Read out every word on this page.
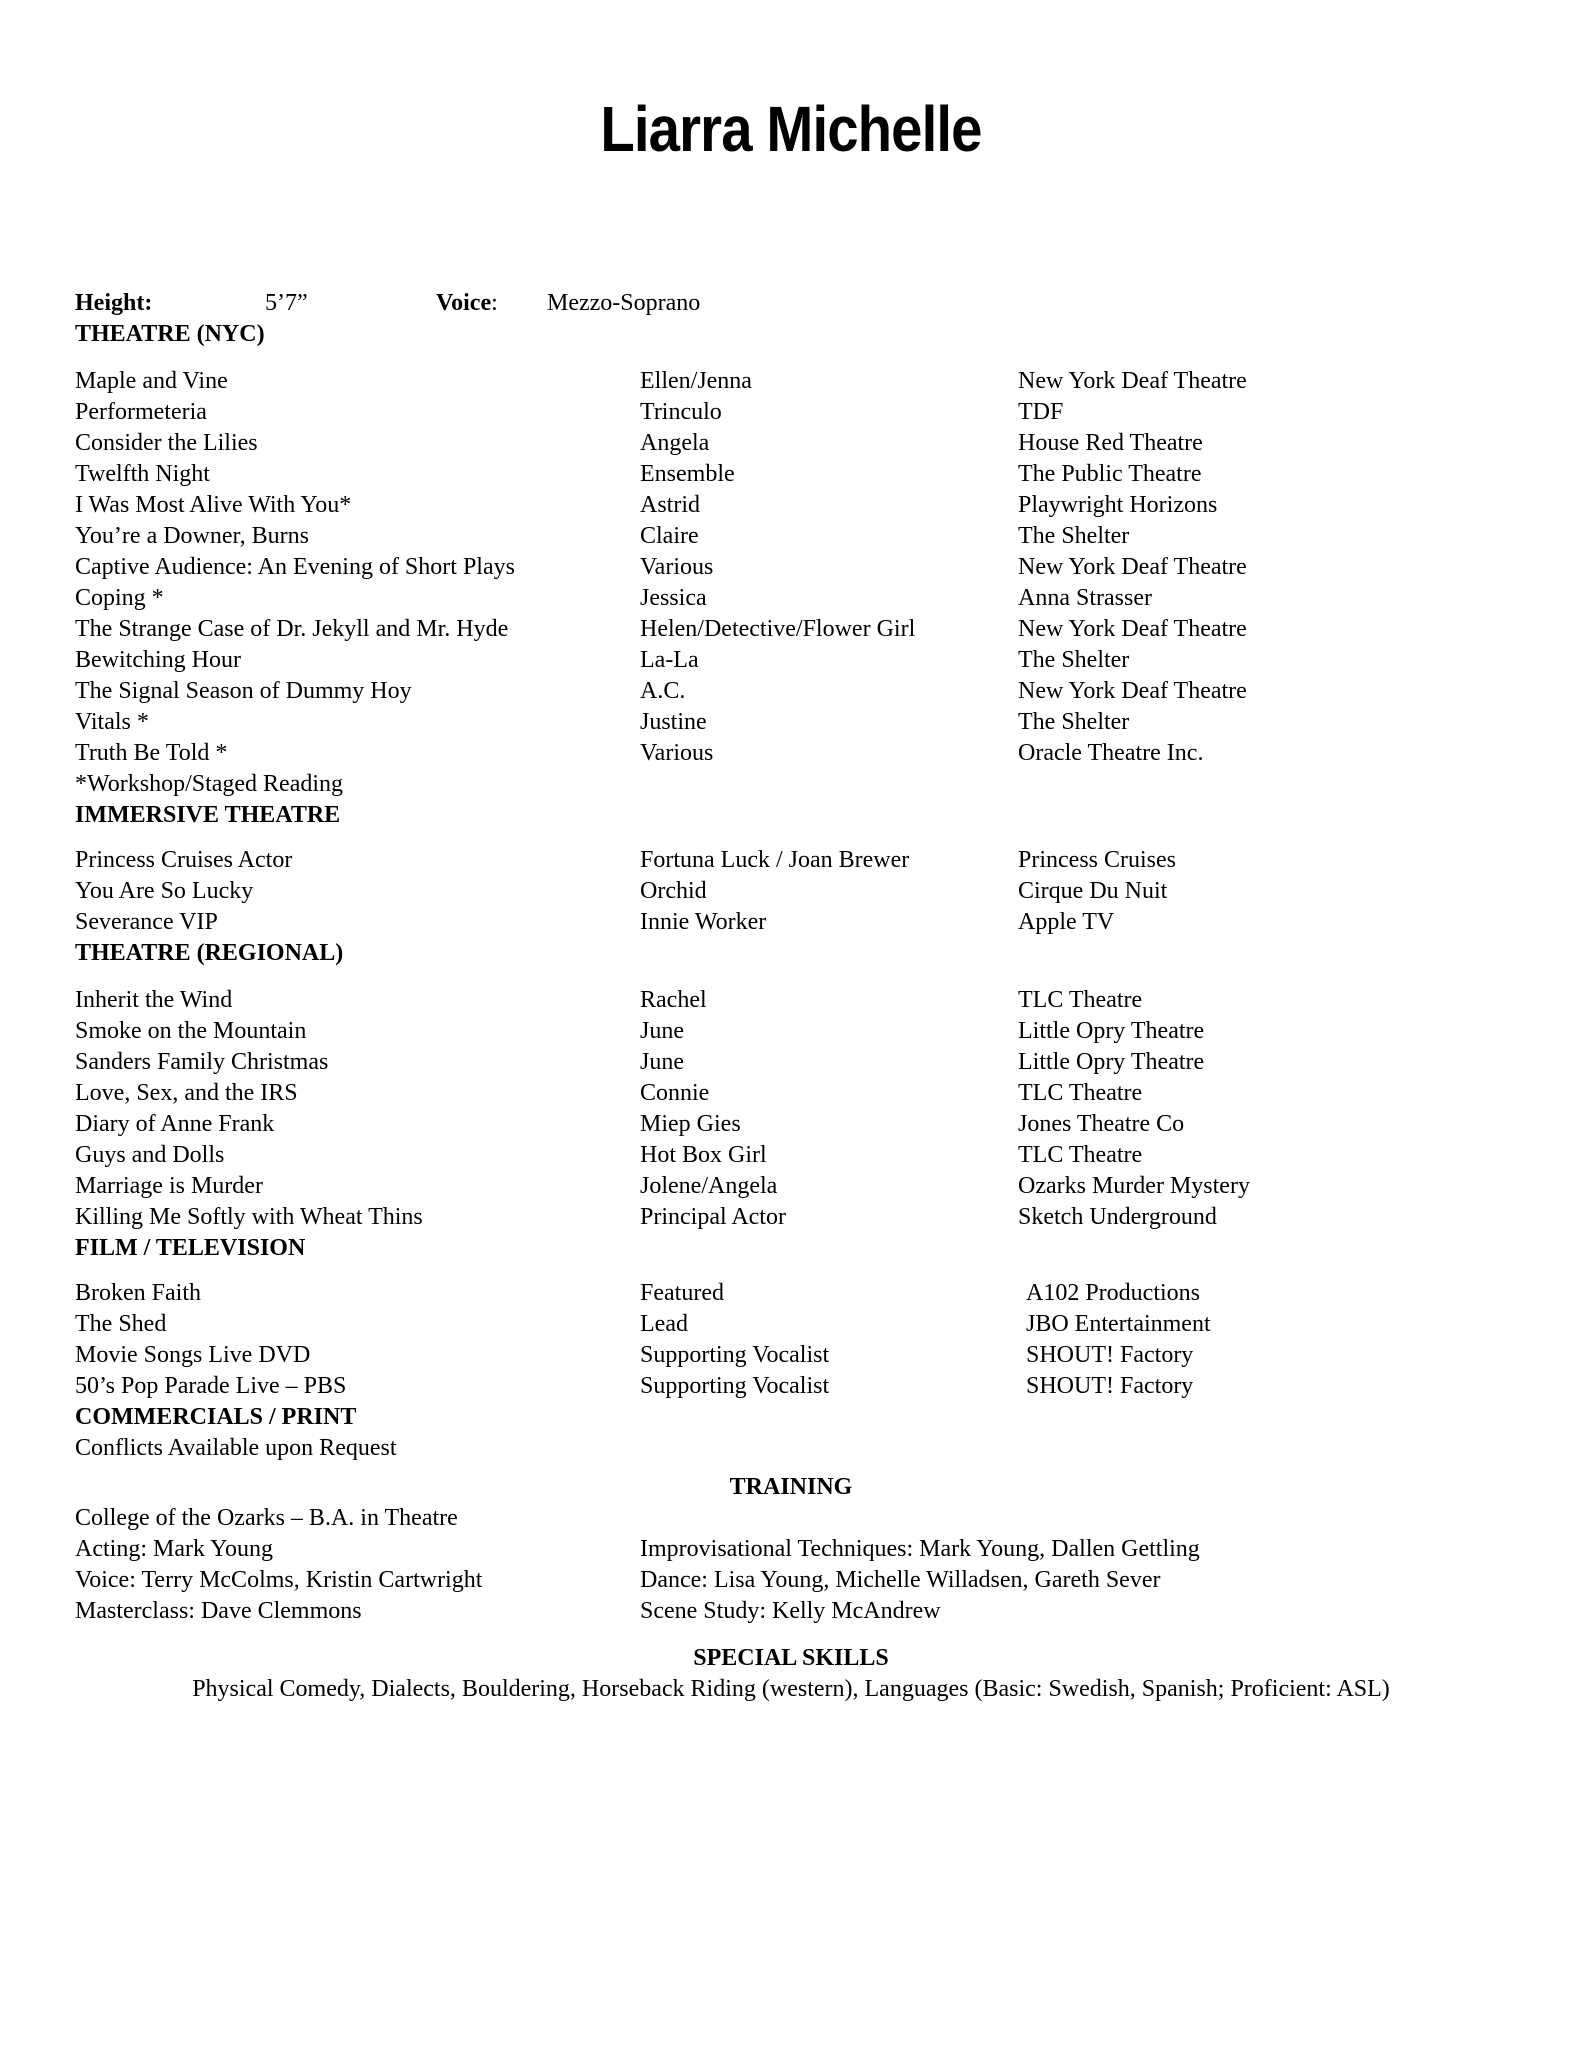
Liarra Michelle
Height:	5’7”	Voice:	Mezzo-Soprano
THEATRE (NYC)
Maple and Vine	Ellen/Jenna	New York Deaf Theatre
Performeteria	Trinculo	TDF
Consider the Lilies	Angela	House Red Theatre
Twelfth Night	Ensemble	The Public Theatre
I Was Most Alive With You*	Astrid	Playwright Horizons
You’re a Downer, Burns	Claire	The Shelter
Captive Audience: An Evening of Short Plays	Various	New York Deaf Theatre
Coping *	Jessica	Anna Strasser
The Strange Case of Dr. Jekyll and Mr. Hyde	Helen/Detective/Flower Girl	New York Deaf Theatre
Bewitching Hour	La-La	The Shelter
The Signal Season of Dummy Hoy	A.C.	New York Deaf Theatre
Vitals *	Justine	The Shelter
Truth Be Told *	Various	Oracle Theatre Inc.
*Workshop/Staged Reading
IMMERSIVE THEATRE
Princess Cruises Actor	Fortuna Luck / Joan Brewer	Princess Cruises
You Are So Lucky	Orchid	Cirque Du Nuit
Severance VIP	Innie Worker	Apple TV
THEATRE (REGIONAL)
Inherit the Wind	Rachel	TLC Theatre
Smoke on the Mountain	June	Little Opry Theatre
Sanders Family Christmas	June	Little Opry Theatre
Love, Sex, and the IRS	Connie	TLC Theatre
Diary of Anne Frank	Miep Gies	Jones Theatre Co
Guys and Dolls	Hot Box Girl	TLC Theatre
Marriage is Murder	Jolene/Angela	Ozarks Murder Mystery
Killing Me Softly with Wheat Thins	Principal Actor	Sketch Underground
FILM / TELEVISION
Broken Faith	Featured	A102 Productions
The Shed	Lead	JBO Entertainment
Movie Songs Live DVD	Supporting Vocalist	SHOUT! Factory
50’s Pop Parade Live – PBS	Supporting Vocalist	SHOUT! Factory
COMMERCIALS / PRINT
Conflicts Available upon Request
TRAINING
College of the Ozarks – B.A. in Theatre
Acting: Mark Young	Improvisational Techniques: Mark Young, Dallen Gettling
Voice: Terry McColms, Kristin Cartwright	Dance: Lisa Young, Michelle Willadsen, Gareth Sever
Masterclass: Dave Clemmons	Scene Study: Kelly McAndrew
SPECIAL SKILLS
Physical Comedy, Dialects, Bouldering, Horseback Riding (western), Languages (Basic: Swedish, Spanish; Proficient: ASL)
